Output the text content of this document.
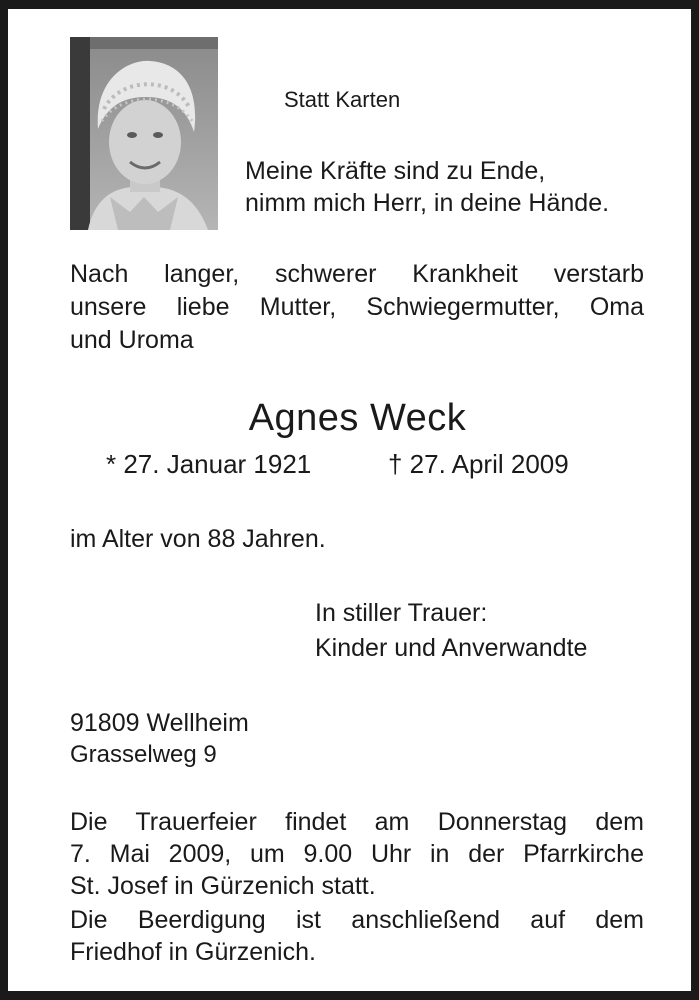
Statt Karten

Meine Kräfte sind zu Ende,

nimm mich Herr, in deine Hände.

Nach langer, schwerer Krankheit verstarb
unsere liebe Mutter, Schwiegermutter, Oma
und Uroma
Agnes Weck

* 27. Januar 1921	† 27. April 2009

im Alter von 88 Jahren.

In stiller Trauer:

Kinder und Anverwandte

91809 Wellheim

Grasselweg 9

Die Trauerfeier findet am Donnerstag dem
7. Mai 2009, um 9.00 Uhr in der Pfarrkirche
St. Josef in Gürzenich statt.
Die Beerdigung ist anschließend auf dem
Friedhof in Gürzenich.
